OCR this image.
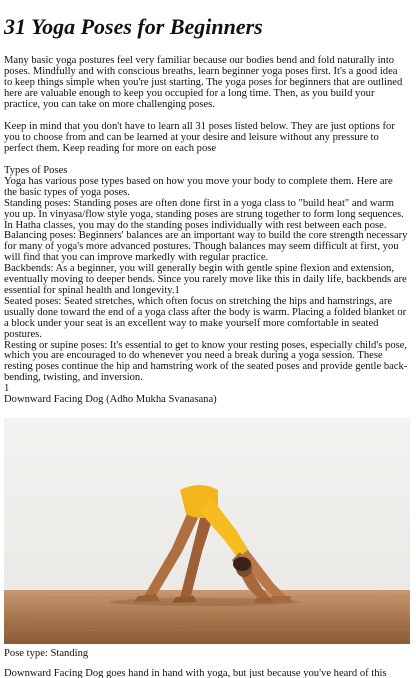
31 Yoga Poses for Beginners

Many basic yoga postures feel very familiar because our bodies bend and fold naturally into poses. Mindfully and with conscious breaths, learn beginner yoga poses first. It's a good idea to keep things simple when you're just starting. The yoga poses for beginners that are outlined here are valuable enough to keep you occupied for a long time. Then, as you build your practice, you can take on more challenging poses.

Keep in mind that you don't have to learn all 31 poses listed below. They are just options for you to choose from and can be learned at your desire and leisure without any pressure to perfect them. Keep reading for more on each pose

Types of Poses
Yoga has various pose types based on how you move your body to complete them. Here are the basic types of yoga poses.
Standing poses: Standing poses are often done first in a yoga class to "build heat" and warm you up. In vinyasa/flow style yoga, standing poses are strung together to form long sequences. In Hatha classes, you may do the standing poses individually with rest between each pose.
Balancing poses: Beginners' balances are an important way to build the core strength necessary for many of yoga's more advanced postures. Though balances may seem difficult at first, you will find that you can improve markedly with regular practice.
Backbends: As a beginner, you will generally begin with gentle spine flexion and extension, eventually moving to deeper bends. Since you rarely move like this in daily life, backbends are essential for spinal health and longevity.1
Seated poses: Seated stretches, which often focus on stretching the hips and hamstrings, are usually done toward the end of a yoga class after the body is warm. Placing a folded blanket or a block under your seat is an excellent way to make yourself more comfortable in seated postures.
Resting or supine poses: It's essential to get to know your resting poses, especially child's pose, which you are encouraged to do whenever you need a break during a yoga session. These resting poses continue the hip and hamstring work of the seated poses and provide gentle back-bending, twisting, and inversion.
1
Downward Facing Dog (Adho Mukha Svanasana)
Pose type: Standing
Downward Facing Dog goes hand in hand with yoga, but just because you've heard of this
